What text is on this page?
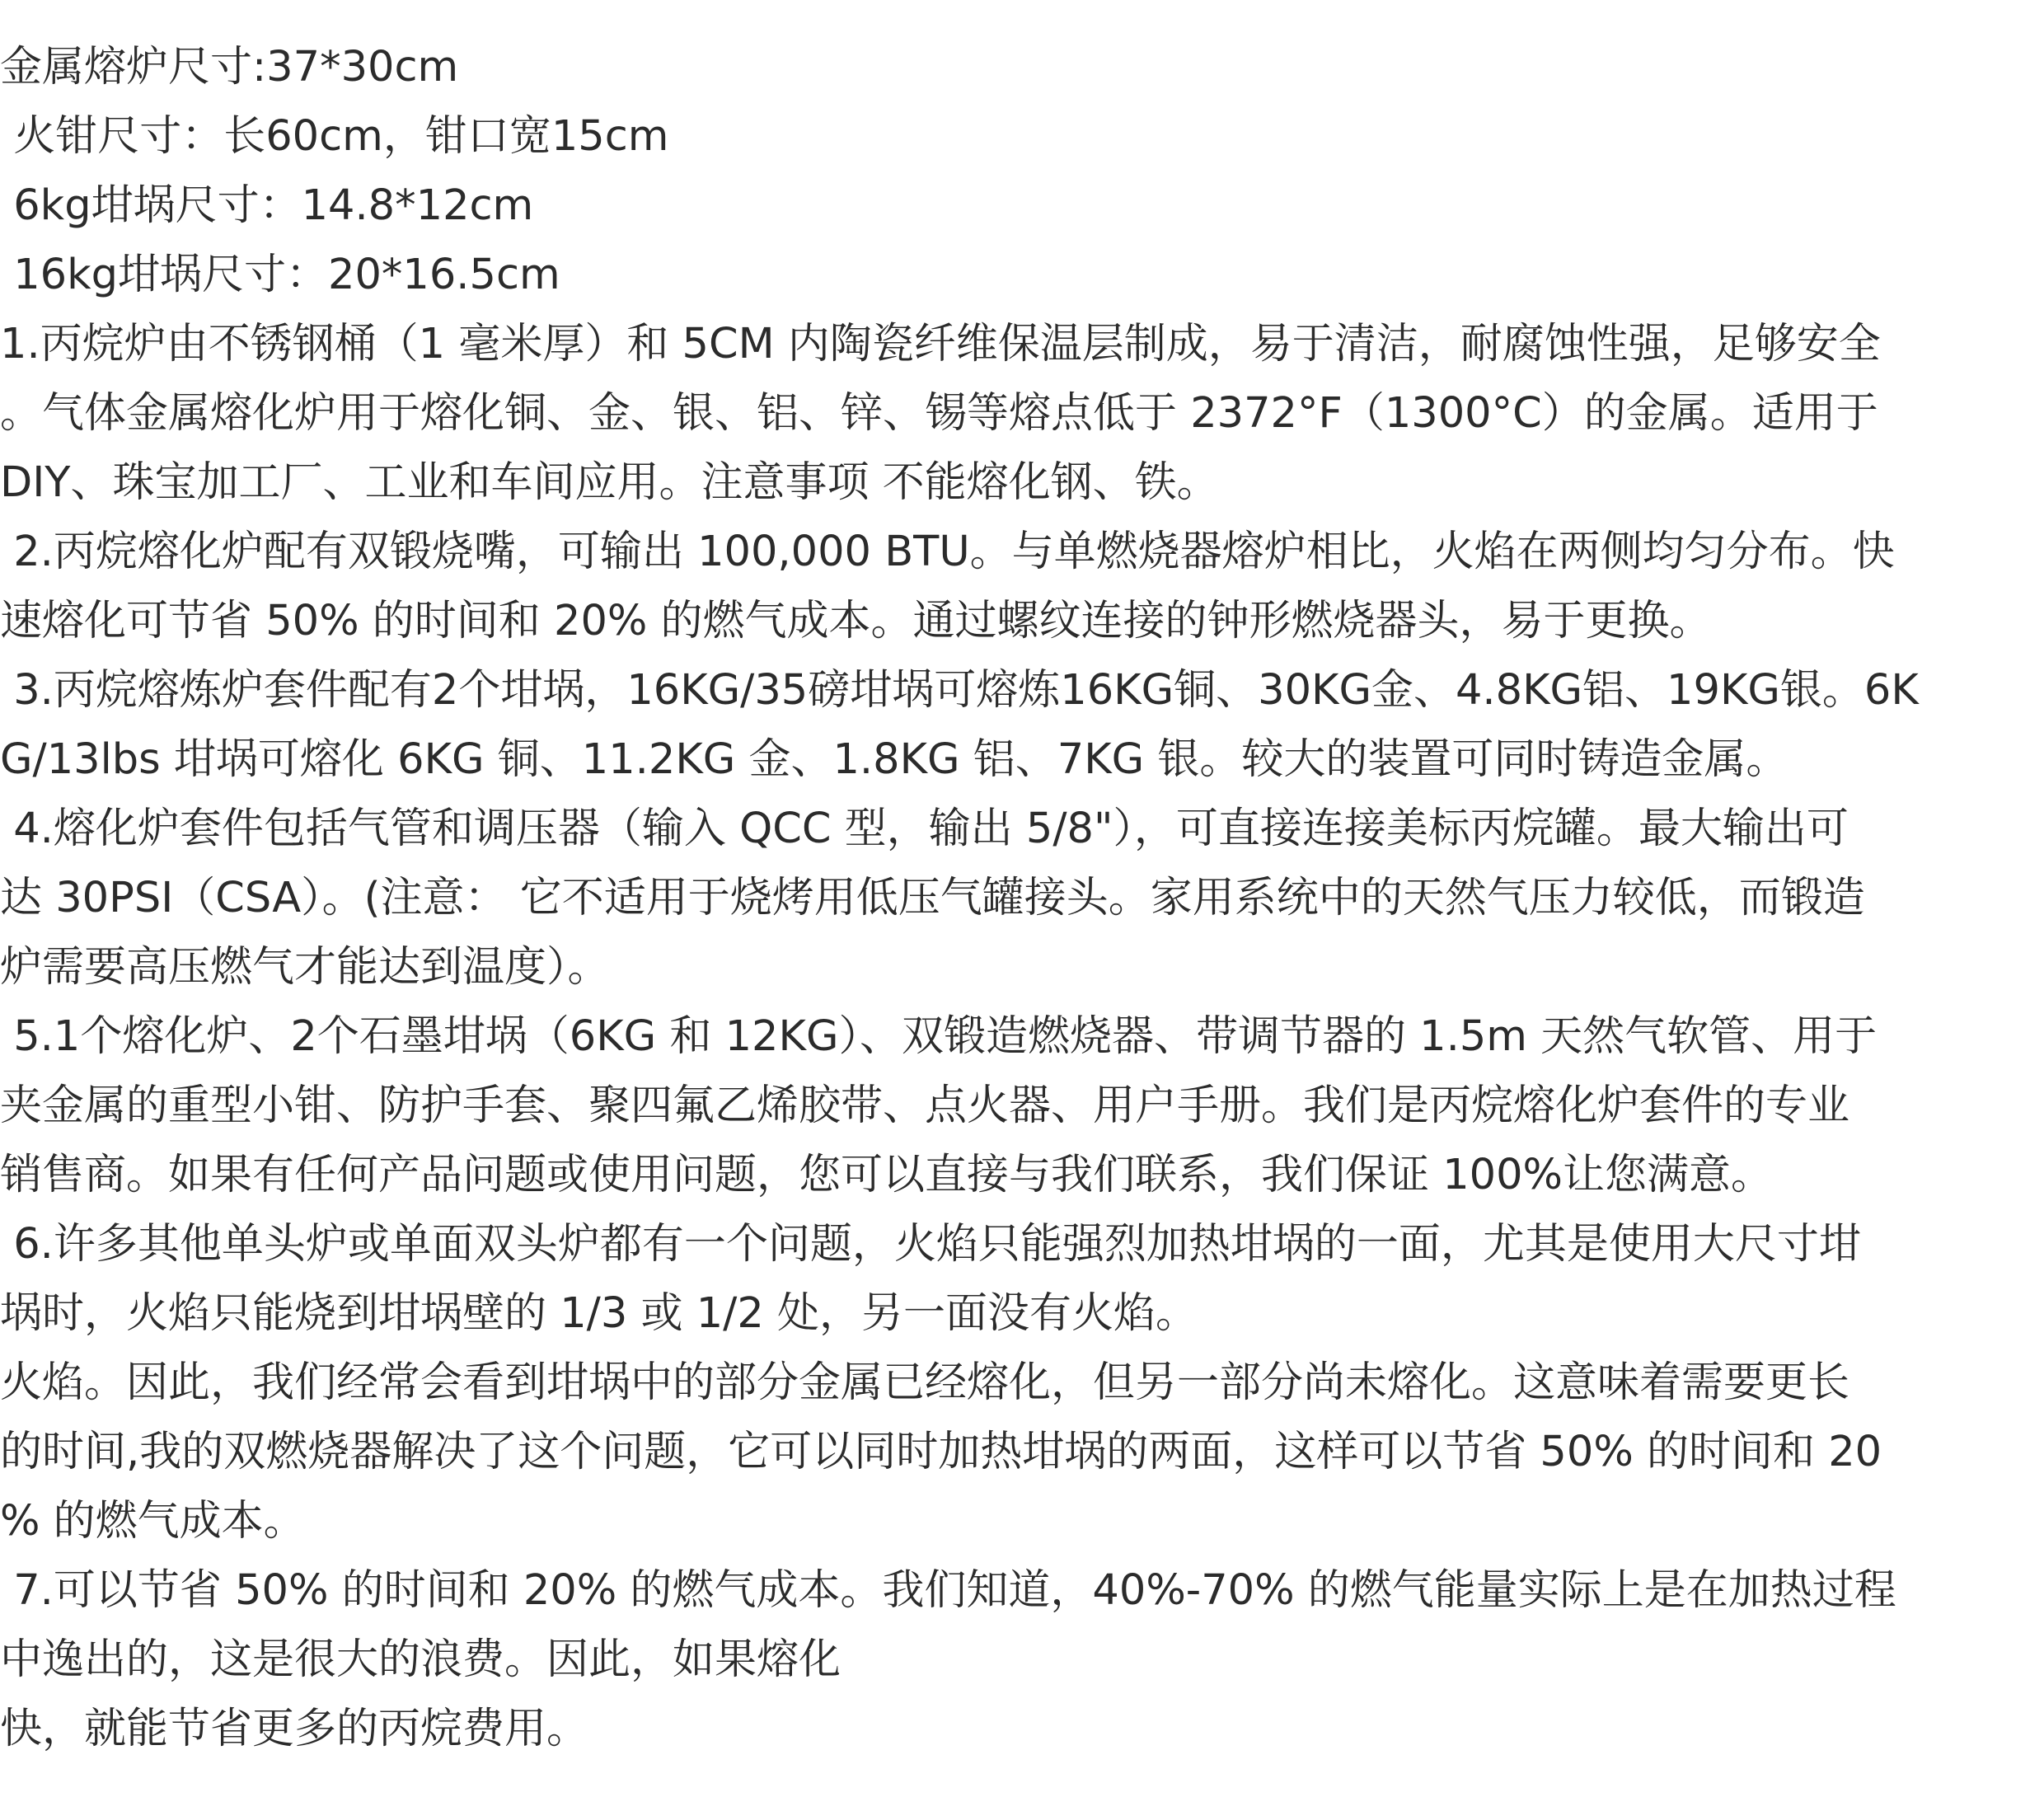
金属熔炉尺寸:37*30cm
火钳尺寸：长60cm，钳口宽15cm
6kg坩埚尺寸：14.8*12cm
16kg坩埚尺寸：20*16.5cm
1.丙烷炉由不锈钢桶（1 毫米厚）和 5CM 内陶瓷纤维保温层制成，易于清洁，耐腐蚀性强，足够安全
。气体金属熔化炉用于熔化铜、金、银、铝、锌、锡等熔点低于 2372°F（1300°C）的金属。适用于
DIY、珠宝加工厂、工业和车间应用。注意事项 不能熔化钢、铁。
2.丙烷熔化炉配有双锻烧嘴，可输出 100,000 BTU。与单燃烧器熔炉相比，火焰在两侧均匀分布。快
速熔化可节省 50% 的时间和 20% 的燃气成本。通过螺纹连接的钟形燃烧器头，易于更换。
3.丙烷熔炼炉套件配有2个坩埚，16KG/35磅坩埚可熔炼16KG铜、30KG金、4.8KG铝、19KG银。6K
G/13lbs 坩埚可熔化 6KG 铜、11.2KG 金、1.8KG 铝、7KG 银。较大的装置可同时铸造金属。
4.熔化炉套件包括气管和调压器（输入 QCC 型，输出 5/8"），可直接连接美标丙烷罐。最大输出可
达 30PSI（CSA）。(注意： 它不适用于烧烤用低压气罐接头。家用系统中的天然气压力较低，而锻造
炉需要高压燃气才能达到温度）。
5.1个熔化炉、2个石墨坩埚（6KG 和 12KG）、双锻造燃烧器、带调节器的 1.5m 天然气软管、用于
夹金属的重型小钳、防护手套、聚四氟乙烯胶带、点火器、用户手册。我们是丙烷熔化炉套件的专业
销售商。如果有任何产品问题或使用问题，您可以直接与我们联系，我们保证 100%让您满意。
6.许多其他单头炉或单面双头炉都有一个问题，火焰只能强烈加热坩埚的一面，尤其是使用大尺寸坩
埚时，火焰只能烧到坩埚壁的 1/3 或 1/2 处，另一面没有火焰。
火焰。因此，我们经常会看到坩埚中的部分金属已经熔化，但另一部分尚未熔化。这意味着需要更长
的时间,我的双燃烧器解决了这个问题，它可以同时加热坩埚的两面，这样可以节省 50% 的时间和 20
% 的燃气成本。
7.可以节省 50% 的时间和 20% 的燃气成本。我们知道，40%-70% 的燃气能量实际上是在加热过程
中逸出的，这是很大的浪费。因此，如果熔化
快，就能节省更多的丙烷费用。
